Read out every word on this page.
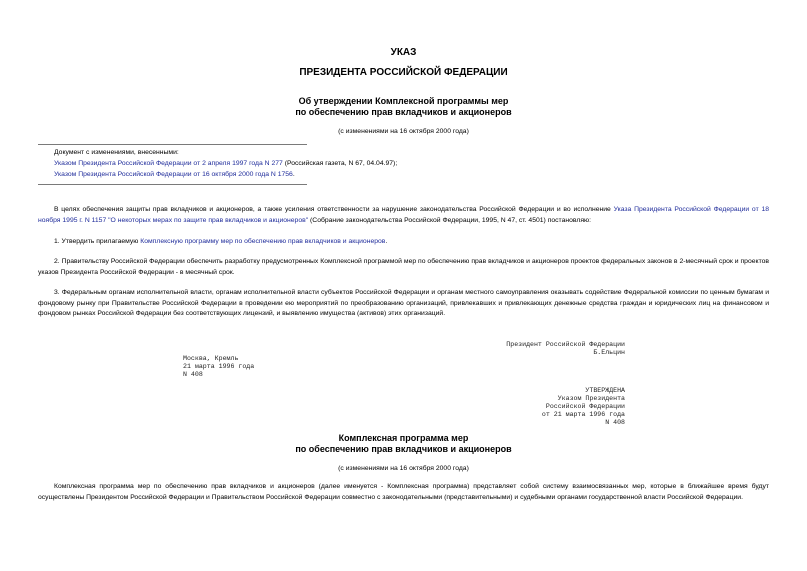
УКАЗ
ПРЕЗИДЕНТА РОССИЙСКОЙ ФЕДЕРАЦИИ
Об утверждении Комплексной программы мер
по обеспечению прав вкладчиков и акционеров
(с изменениями на 16 октября 2000 года)
Документ с изменениями, внесенными:
Указом Президента Российской Федерации от 2 апреля 1997 года N 277 (Российская газета, N 67, 04.04.97);
Указом Президента Российской Федерации от 16 октября 2000 года N 1756.
В целях обеспечения защиты прав вкладчиков и акционеров, а также усиления ответственности за нарушение законодательства Российской Федерации и во исполнение Указа Президента Российской Федерации от 18 ноября 1995 г. N 1157 "О некоторых мерах по защите прав вкладчиков и акционеров" (Собрание законодательства Российской Федерации, 1995, N 47, ст. 4501) постановляю:
1. Утвердить прилагаемую Комплексную программу мер по обеспечению прав вкладчиков и акционеров.
2. Правительству Российской Федерации обеспечить разработку предусмотренных Комплексной программой мер по обеспечению прав вкладчиков и акционеров проектов федеральных законов в 2-месячный срок и проектов указов Президента Российской Федерации - в месячный срок.
3. Федеральным органам исполнительной власти, органам исполнительной власти субъектов Российской Федерации и органам местного самоуправления оказывать содействие Федеральной комиссии по ценным бумагам и фондовому рынку при Правительстве Российской Федерации в проведении ею мероприятий по преобразованию организаций, привлекавших и привлекающих денежные средства граждан и юридических лиц на финансовом и фондовом рынках Российской Федерации без соответствующих лицензий, и выявлению имущества (активов) этих организаций.
Президент Российской Федерации
Б.Ельцин
Москва, Кремль
21 марта 1996 года
N 408
УТВЕРЖДЕНА
Указом Президента
Российской Федерации
от 21 марта 1996 года
N 408
Комплексная программа мер
по обеспечению прав вкладчиков и акционеров
(с изменениями на 16 октября 2000 года)
Комплексная программа мер по обеспечению прав вкладчиков и акционеров (далее именуется - Комплексная программа) представляет собой систему взаимосвязанных мер, которые в ближайшее время будут осуществлены Президентом Российской Федерации и Правительством Российской Федерации совместно с законодательными (представительными) и судебными органами государственной власти Российской Федерации.
